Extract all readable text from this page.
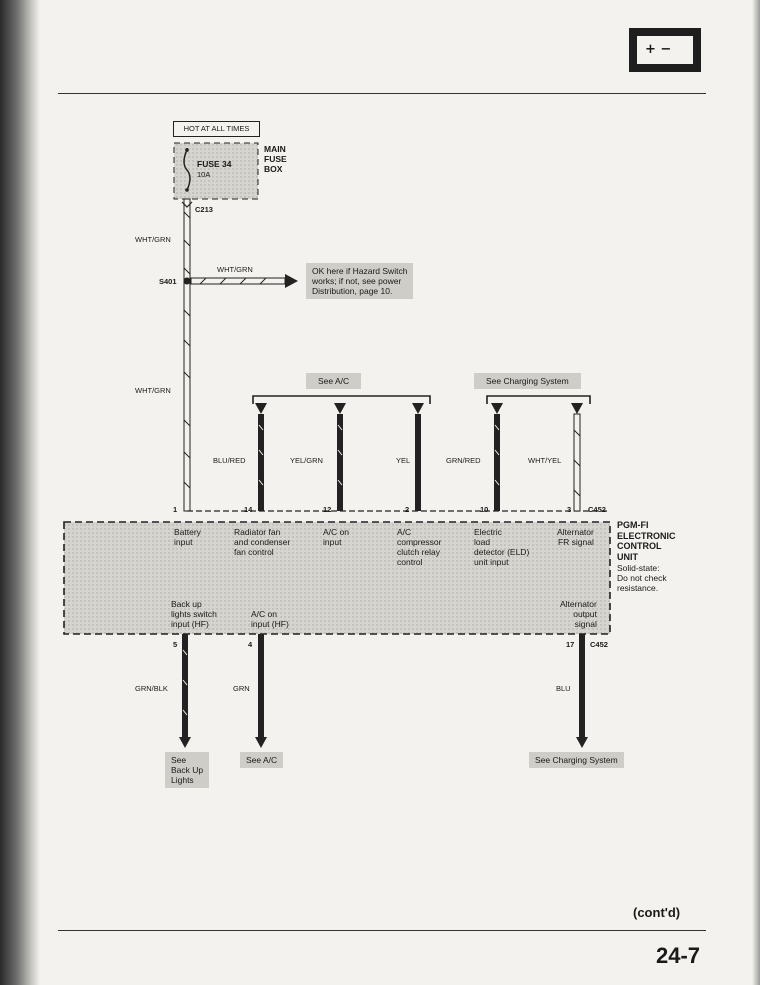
+ −
HOT AT ALL TIMES
MAIN
FUSE
BOX
FUSE 34
10A
C213
WHT/GRN
S401
WHT/GRN	OK here if Hazard Switch
works; if not, see power
Distribution, page 10.
WHT/GRN
See A/C	See Charging System
BLU/RED	YEL/GRN	YEL	GRN/RED	WHT/YEL
1	14	12	2	10	3 C452
Battery
input
Radiator fan
and condenser
fan control
A/C on
input
A/C
compressor
clutch relay
control
Electric
load
detector (ELD)
unit input
Alternator
FR signal
Back up
lights switch
input (HF)
A/C on
input (HF)
Alternator
output
signal
PGM-FI
ELECTRONIC
CONTROL
UNIT
Solid-state:
Do not check
resistance.
5	4	17 C452
GRN/BLK	GRN	BLU
See
Back Up
Lights
See A/C	See Charging System
(cont'd)
24-7
